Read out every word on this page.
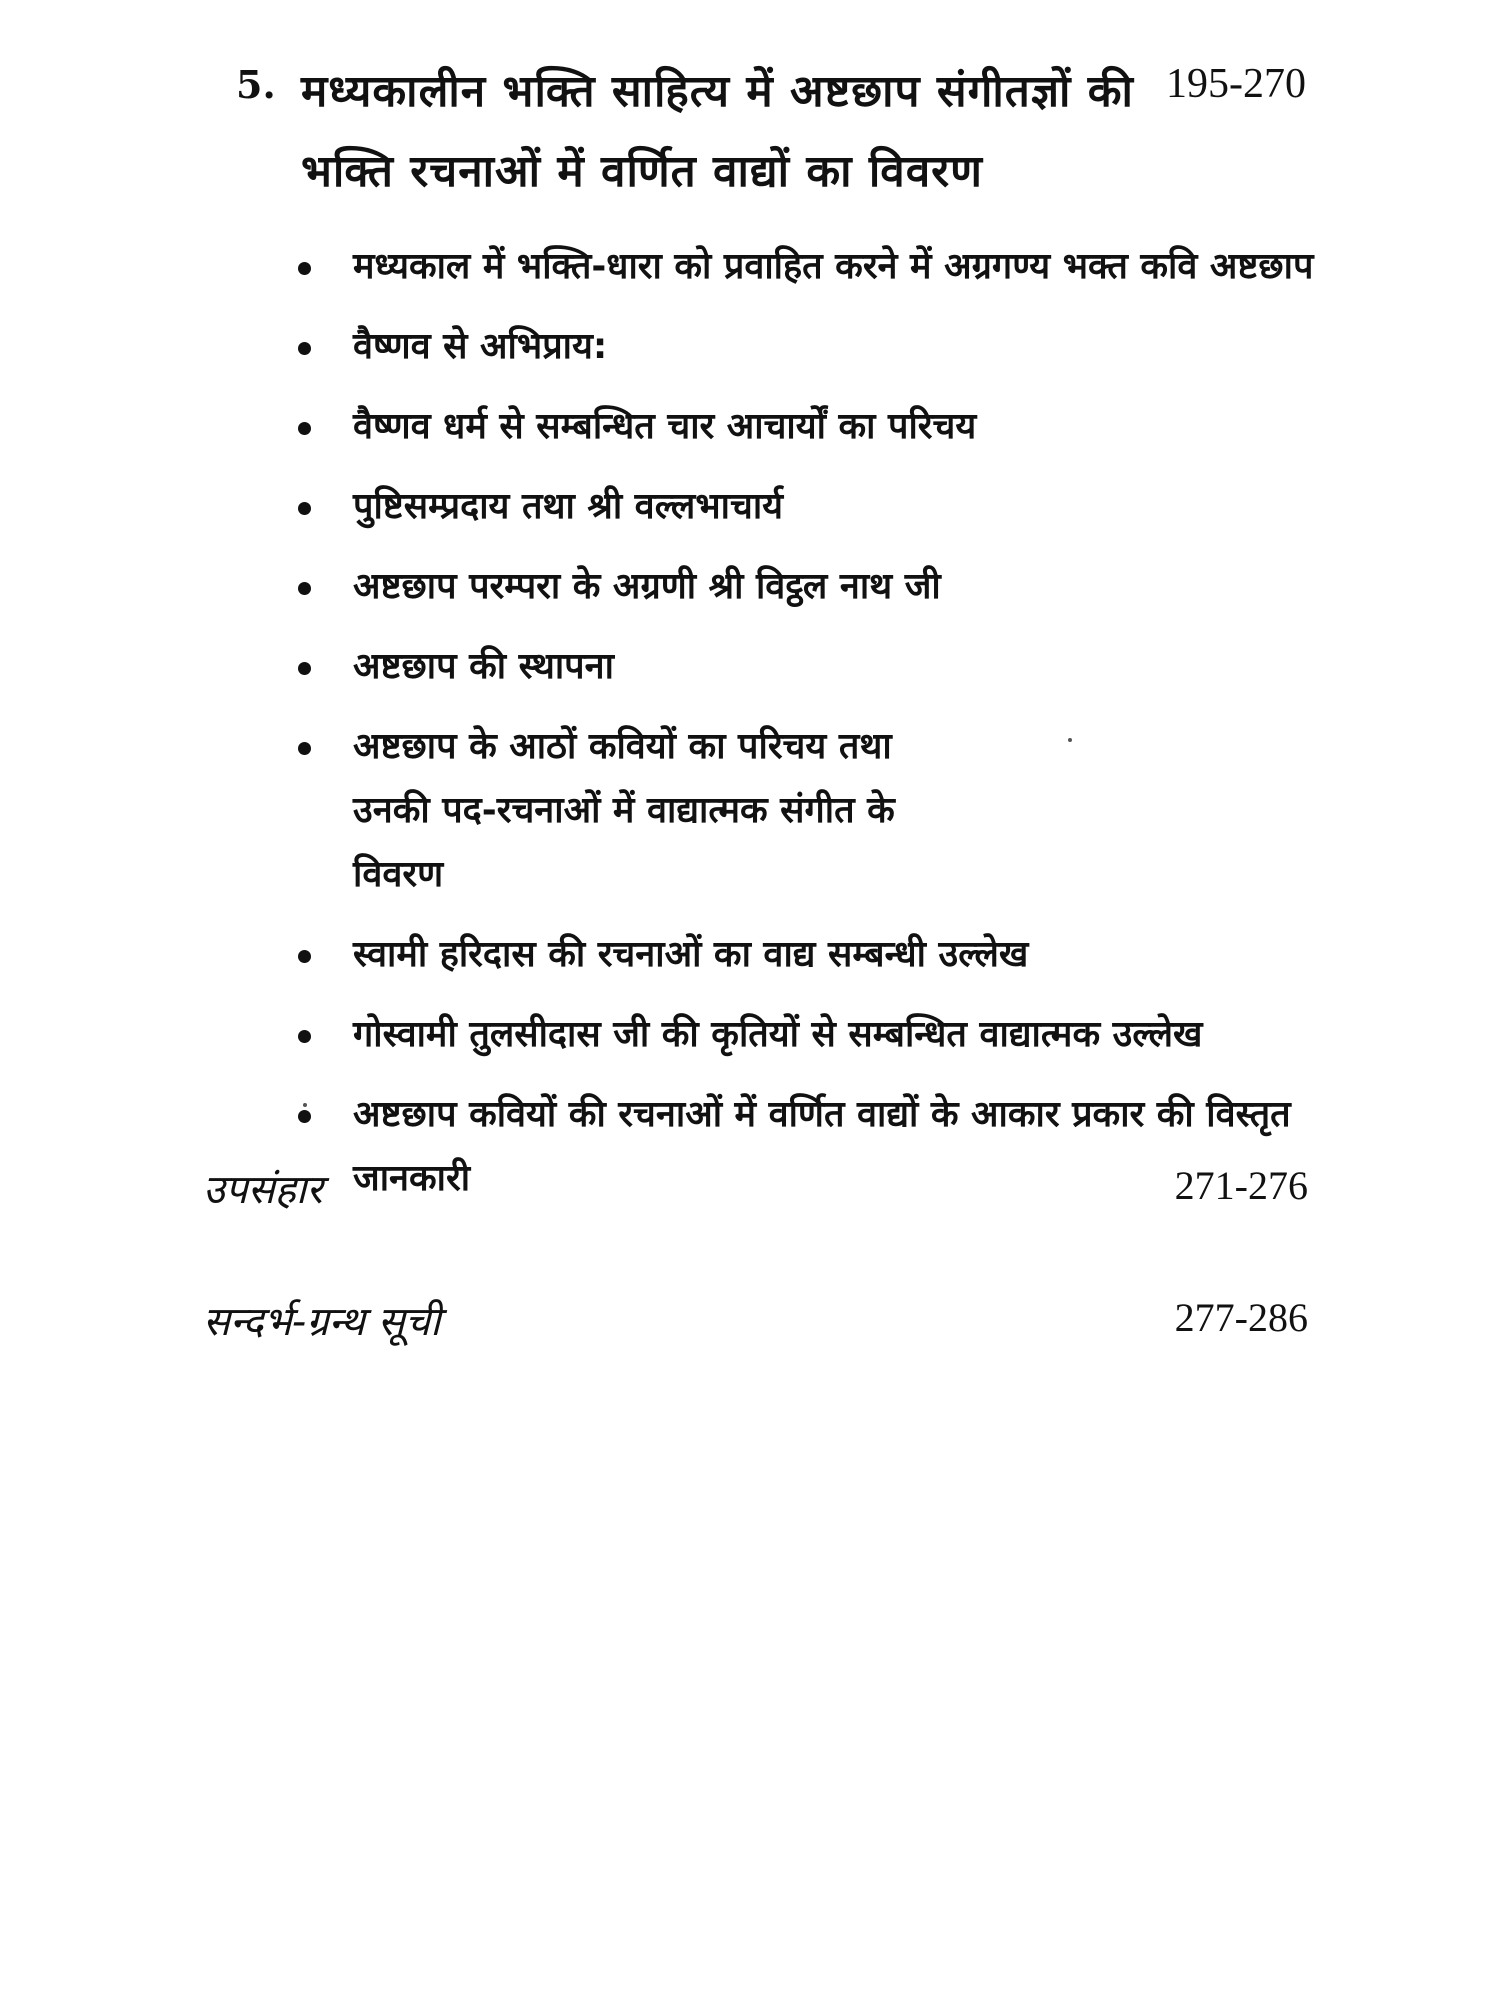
5. मध्यकालीन भक्ति साहित्य में अष्टछाप संगीतज्ञों की भक्ति रचनाओं में वर्णित वाद्यों का विवरण
195-270
मध्यकाल में भक्ति-धारा को प्रवाहित करने में अग्रगण्य भक्त कवि अष्टछाप
वैष्णव से अभिप्राय:
वैष्णव धर्म से सम्बन्धित चार आचार्यों का परिचय
पुष्टिसम्प्रदाय तथा श्री वल्लभाचार्य
अष्टछाप परम्परा के अग्रणी श्री विट्ठल नाथ जी
अष्टछाप की स्थापना
अष्टछाप के आठों कवियों का परिचय तथा उनकी पद-रचनाओं में वाद्यात्मक संगीत के विवरण
स्वामी हरिदास की रचनाओं का वाद्य सम्बन्धी उल्लेख
गोस्वामी तुलसीदास जी की कृतियों से सम्बन्धित वाद्यात्मक उल्लेख
अष्टछाप कवियों की रचनाओं में वर्णित वाद्यों के आकार प्रकार की विस्तृत जानकारी
उपसंहार	271-276
सन्दर्भ-ग्रन्थ सूची	277-286
